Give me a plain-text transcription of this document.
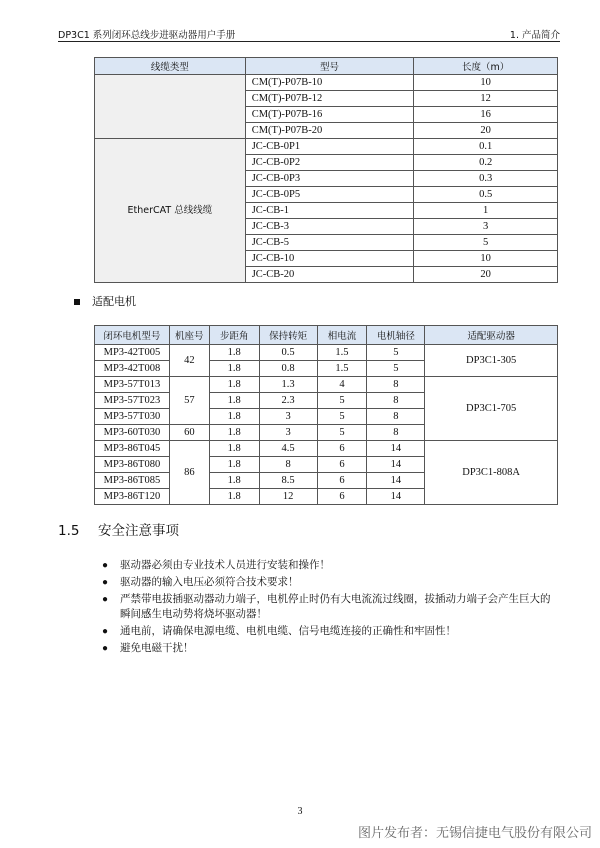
DP3C1 系列闭环总线步进驱动器用户手册	1. 产品简介
线缆类型	型号	长度（m）
	CM(T)-P07B-10	10
	CM(T)-P07B-12	12
	CM(T)-P07B-16	16
	CM(T)-P07B-20	20
EtherCAT 总线线缆	JC-CB-0P1	0.1
	JC-CB-0P2	0.2
	JC-CB-0P3	0.3
	JC-CB-0P5	0.5
	JC-CB-1	1
	JC-CB-3	3
	JC-CB-5	5
	JC-CB-10	10
	JC-CB-20	20
适配电机
闭环电机型号	机座号	步距角	保持转矩	相电流	电机轴径	适配驱动器
MP3-42T005	42	1.8	0.5	1.5	5	DP3C1-305
MP3-42T008		1.8	0.8	1.5	5	
MP3-57T013	57	1.8	1.3	4	8	DP3C1-705
MP3-57T023		1.8	2.3	5	8	
MP3-57T030		1.8	3	5	8	
MP3-60T030	60	1.8	3	5	8	
MP3-86T045	86	1.8	4.5	6	14	DP3C1-808A
MP3-86T080		1.8	8	6	14	
MP3-86T085		1.8	8.5	6	14	
MP3-86T120		1.8	12	6	14	
1.5 安全注意事项
● 驱动器必须由专业技术人员进行安装和操作！
● 驱动器的输入电压必须符合技术要求！
● 严禁带电拔插驱动器动力端子，电机停止时仍有大电流流过线圈，拔插动力端子会产生巨大的瞬间感生电动势将烧坏驱动器！
● 通电前，请确保电源电缆、电机电缆、信号电缆连接的正确性和牢固性！
● 避免电磁干扰！
3
图片发布者：无锡信捷电气股份有限公司
